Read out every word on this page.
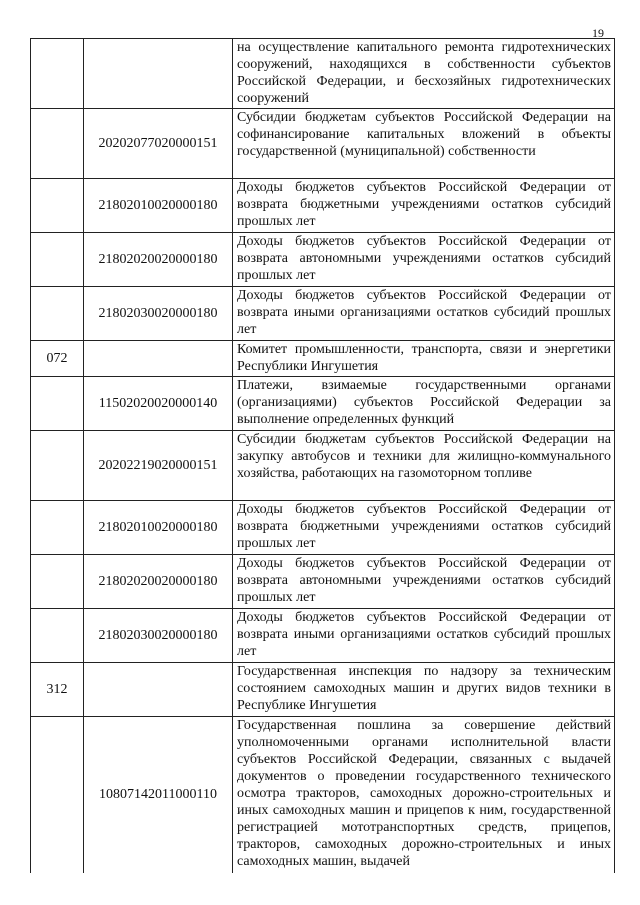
19

		на осуществление капитального ремонта гидротехнических сооружений, находящихся в собственности субъектов Российской Федерации, и бесхозяйных гидротехнических сооружений

	20202077020000151	Субсидии бюджетам субъектов Российской Федерации на софинансирование капитальных вложений в объекты государственной (муниципальной) собственности

	21802010020000180	Доходы бюджетов субъектов Российской Федерации от возврата бюджетными учреждениями остатков субсидий прошлых лет

	21802020020000180	Доходы бюджетов субъектов Российской Федерации от возврата автономными учреждениями остатков субсидий прошлых лет

	21802030020000180	Доходы бюджетов субъектов Российской Федерации от возврата иными организациями остатков субсидий прошлых лет

072		Комитет промышленности, транспорта, связи и энергетики Республики Ингушетия

	11502020020000140	Платежи, взимаемые государственными органами (организациями) субъектов Российской Федерации за выполнение определенных функций

	20202219020000151	Субсидии бюджетам субъектов Российской Федерации на закупку автобусов и техники для жилищно-коммунального хозяйства, работающих на газомоторном топливе

	21802010020000180	Доходы бюджетов субъектов Российской Федерации от возврата бюджетными учреждениями остатков субсидий прошлых лет

	21802020020000180	Доходы бюджетов субъектов Российской Федерации от возврата автономными учреждениями остатков субсидий прошлых лет

	21802030020000180	Доходы бюджетов субъектов Российской Федерации от возврата иными организациями остатков субсидий прошлых лет

312		Государственная инспекция по надзору за техническим состоянием самоходных машин и других видов техники в Республике Ингушетия

	10807142011000110	Государственная пошлина за совершение действий уполномоченными органами исполнительной власти субъектов Российской Федерации, связанных с выдачей документов о проведении государственного технического осмотра тракторов, самоходных дорожно-строительных и иных самоходных машин и прицепов к ним, государственной регистрацией мототранспортных средств, прицепов, тракторов, самоходных дорожно-строительных и иных самоходных машин, выдачей
